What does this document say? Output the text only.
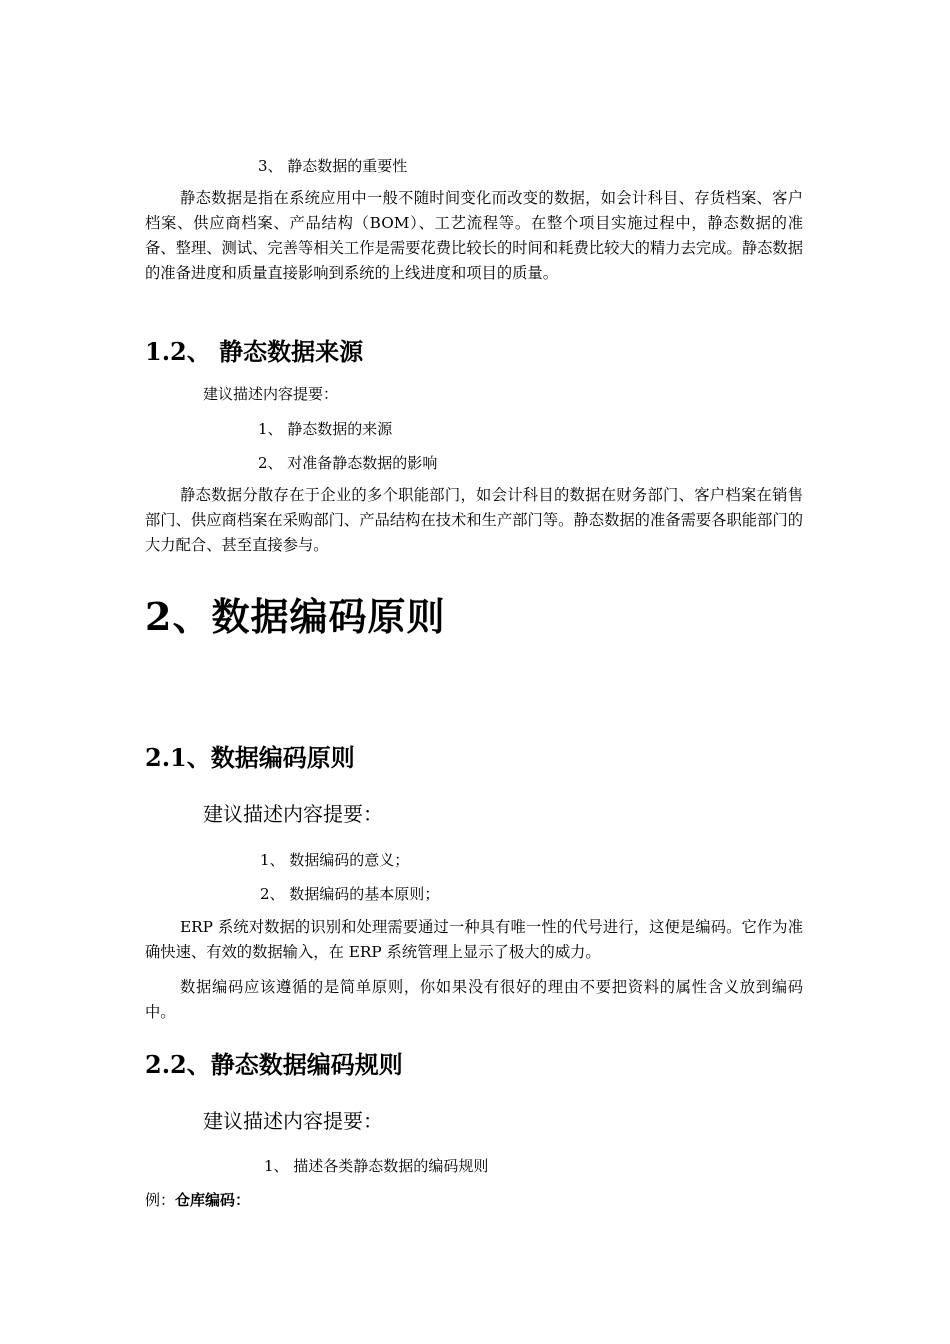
3、 静态数据的重要性

静态数据是指在系统应用中一般不随时间变化而改变的数据，如会计科目、存货档案、客户档案、供应商档案、产品结构（BOM）、工艺流程等。在整个项目实施过程中，静态数据的准备、整理、测试、完善等相关工作是需要花费比较长的时间和耗费比较大的精力去完成。静态数据的准备进度和质量直接影响到系统的上线进度和项目的质量。

1.2、 静态数据来源
建议描述内容提要：
1、 静态数据的来源
2、 对准备静态数据的影响

静态数据分散存在于企业的多个职能部门，如会计科目的数据在财务部门、客户档案在销售部门、供应商档案在采购部门、产品结构在技术和生产部门等。静态数据的准备需要各职能部门的大力配合、甚至直接参与。

2、数据编码原则
2.1、数据编码原则
建议描述内容提要：
1、 数据编码的意义；
2、 数据编码的基本原则；

ERP 系统对数据的识别和处理需要通过一种具有唯一性的代号进行，这便是编码。它作为准确快速、有效的数据输入，在 ERP 系统管理上显示了极大的威力。

数据编码应该遵循的是简单原则，你如果没有很好的理由不要把资料的属性含义放到编码中。

2.2、静态数据编码规则
建议描述内容提要：
1、 描述各类静态数据的编码规则
例：仓库编码：
